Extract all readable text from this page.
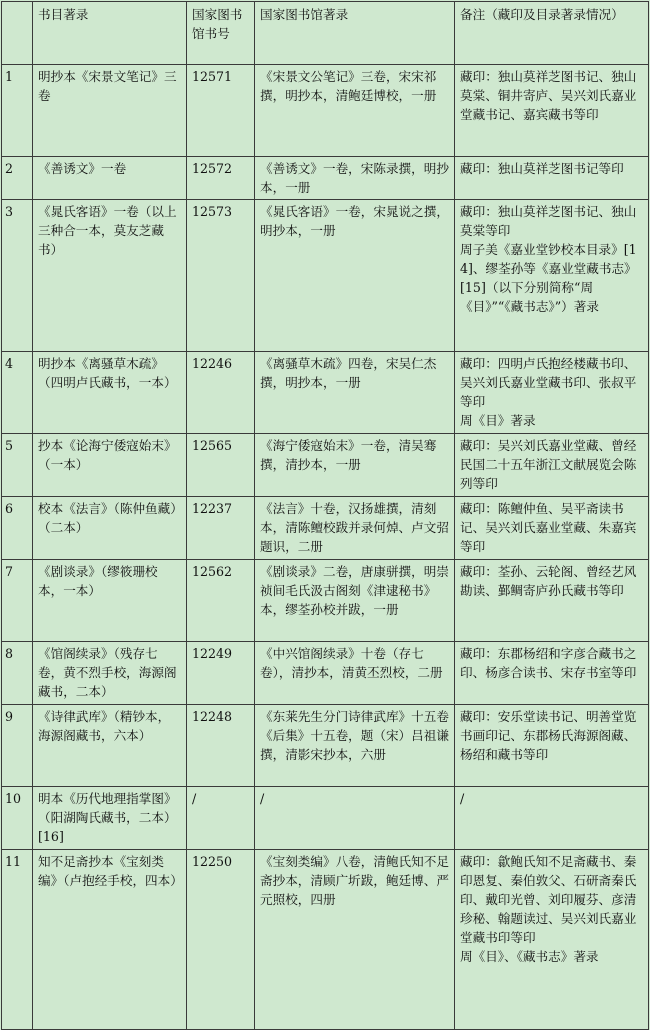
	书目著录	国家图书馆书号	国家图书馆著录	备注（藏印及目录著录情况）
1	明抄本《宋景文笔记》三卷	12571	《宋景文公笔记》三卷，宋宋祁撰，明抄本，清鲍廷博校，一册	藏印：独山莫祥芝图书记、独山莫棠、铜井寄庐、吴兴刘氏嘉业堂藏书记、嘉宾藏书等印
2	《善诱文》一卷	12572	《善诱文》一卷，宋陈录撰，明抄本，一册	藏印：独山莫祥芝图书记等印
3	《晁氏客语》一卷（以上三种合一本，莫友芝藏书）	12573	《晁氏客语》一卷，宋晁说之撰，明抄本，一册	藏印：独山莫祥芝图书记、独山莫棠等印
周子美《嘉业堂钞校本目录》[14]、缪荃孙等《嘉业堂藏书志》[15]（以下分别简称“周《目》”“《藏书志》”）著录

4	明抄本《离骚草木疏》（四明卢氏藏书，一本）	12246	《离骚草木疏》四卷，宋吴仁杰撰，明抄本，一册	藏印：四明卢氏抱经楼藏书印、吴兴刘氏嘉业堂藏书印、张叔平等印
周《目》著录

5	抄本《论海宁倭寇始末》（一本）	12565	《海宁倭寇始末》一卷，清吴骞撰，清抄本，一册	藏印：吴兴刘氏嘉业堂藏、曾经民国二十五年浙江文献展览会陈列等印
6	校本《法言》（陈仲鱼藏）（二本）	12237	《法言》十卷，汉扬雄撰，清刻本，清陈鳣校跋并录何焯、卢文弨题识，二册	藏印：陈鳣仲鱼、吴平斋读书记、吴兴刘氏嘉业堂藏、朱嘉宾等印
7	《剧谈录》（缪筱珊校本，一本）	12562	《剧谈录》二卷，唐康骈撰，明崇祯间毛氏汲古阁刻《津逮秘书》本，缪荃孙校并跋，一册	藏印：荃孙、云轮阁、曾经艺风勘读、鄞鲷寄庐孙氏藏书等印
8	《馆阁续录》（残存七卷，黄不烈手校，海源阁藏书，二本）	12249	《中兴馆阁续录》十卷（存七卷），清抄本，清黄丕烈校，二册	藏印：东郡杨绍和字彦合藏书之印、杨彦合读书、宋存书室等印
9	《诗律武库》（精钞本，海源阁藏书，六本）	12248	《东莱先生分门诗律武库》十五卷《后集》十五卷，题（宋）吕祖谦撰，清影宋抄本，六册	藏印：安乐堂读书记、明善堂览书画印记、东郡杨氏海源阁藏、杨绍和藏书等印
10	明本《历代地理指掌图》（阳湖陶氏藏书，二本）[16]	/	/	/
11	知不足斋抄本《宝刻类编》（卢抱经手校，四本）	12250	《宝刻类编》八卷，清鲍氏知不足斋抄本，清顾广圻跋，鲍廷博、严元照校，四册	藏印：歙鲍氏知不足斋藏书、秦印恩复、秦伯敦父、石研斋秦氏印、戴印光曾、刘印履芬、彦清珍秘、翰题读过、吴兴刘氏嘉业堂藏书印等印
周《目》、《藏书志》著录
